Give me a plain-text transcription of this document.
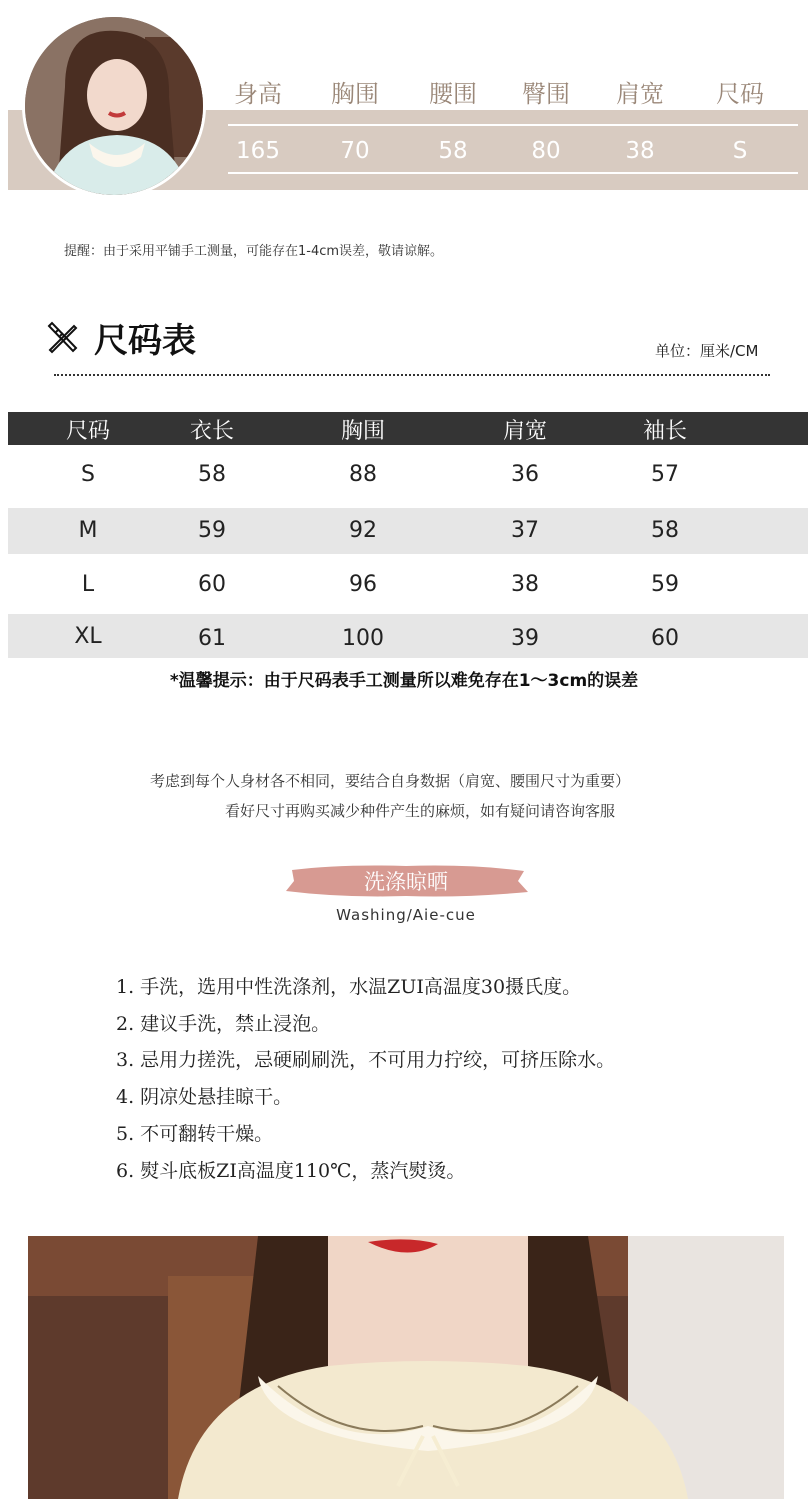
身高	胸围	腰围	臀围	肩宽	尺码
165	70	58	80	38	S
提醒：由于采用平铺手工测量，可能存在1-4cm误差，敬请谅解。
尺码表	单位：厘米/CM
尺码	衣长	胸围	肩宽	袖长
S	58	88	36	57
M	59	92	37	58
L	60	96	38	59
XL	61	100	39	60
*温馨提示：由于尺码表手工测量所以难免存在1～3cm的误差
考虑到每个人身材各不相同，要结合自身数据（肩宽、腰围尺寸为重要）
看好尺寸再购买减少种件产生的麻烦，如有疑问请咨询客服
洗涤晾晒
Washing/Aie-cue
1. 手洗，选用中性洗涤剂，水温ZUI高温度30摄氏度。
2. 建议手洗，禁止浸泡。
3. 忌用力搓洗，忌硬刷刷洗，不可用力拧绞，可挤压除水。
4. 阴凉处悬挂晾干。
5. 不可翻转干燥。
6. 熨斗底板ZI高温度110℃，蒸汽熨烫。
